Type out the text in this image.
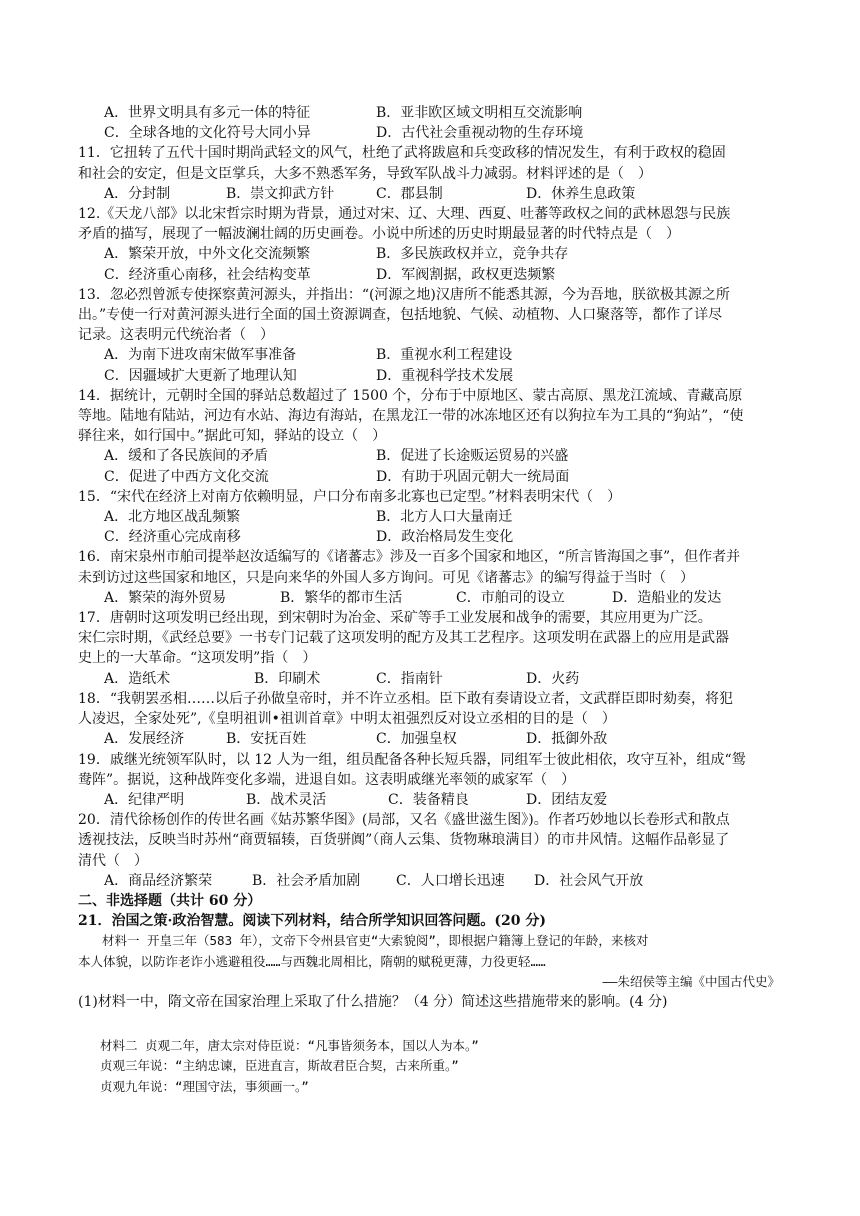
A．世界文明具有多元一体的特征	B．亚非欧区域文明相互交流影响
C．全球各地的文化符号大同小异	D．古代社会重视动物的生存环境
11．它扭转了五代十国时期尚武轻文的风气，杜绝了武将跋扈和兵变政移的情况发生，有利于政权的稳固
和社会的安定，但是文臣掌兵，大多不熟悉军务，导致军队战斗力减弱。材料评述的是（　）
A．分封制	B．崇文抑武方针	C．郡县制	D．休养生息政策
12.《天龙八部》以北宋哲宗时期为背景，通过对宋、辽、大理、西夏、吐蕃等政权之间的武林恩怨与民族
矛盾的描写，展现了一幅波澜壮阔的历史画卷。小说中所述的历史时期最显著的时代特点是（　）
A．繁荣开放，中外文化交流频繁	B．多民族政权并立，竞争共存
C．经济重心南移，社会结构变革	D．军阀割据，政权更迭频繁
13．忽必烈曾派专使探察黄河源头，并指出：“(河源之地)汉唐所不能悉其源，今为吾地，朕欲极其源之所
出。”专使一行对黄河源头进行全面的国土资源调查，包括地貌、气候、动植物、人口聚落等，都作了详尽
记录。这表明元代统治者（　）
A．为南下进攻南宋做军事准备	B．重视水利工程建设
C．因疆域扩大更新了地理认知	D．重视科学技术发展
14．据统计，元朝时全国的驿站总数超过了 1500 个，分布于中原地区、蒙古高原、黑龙江流域、青藏高原
等地。陆地有陆站，河边有水站、海边有海站，在黑龙江一带的冰冻地区还有以狗拉车为工具的“狗站”，“使
驿往来，如行国中。”据此可知，驿站的设立（　）
A．缓和了各民族间的矛盾	B．促进了长途贩运贸易的兴盛
C．促进了中西方文化交流	D．有助于巩固元朝大一统局面
15．“宋代在经济上对南方依赖明显，户口分布南多北寡也已定型。”材料表明宋代（　）
A．北方地区战乱频繁	B．北方人口大量南迁
C．经济重心完成南移	D．政治格局发生变化
16．南宋泉州市舶司提举赵汝适编写的《诸蕃志》涉及一百多个国家和地区，“所言皆海国之事”，但作者并
未到访过这些国家和地区，只是向来华的外国人多方询问。可见《诸蕃志》的编写得益于当时（　）
A．繁荣的海外贸易	B．繁华的都市生活	C．市舶司的设立	D．造船业的发达
17．唐朝时这项发明已经出现，到宋朝时为冶金、采矿等手工业发展和战争的需要，其应用更为广泛。
宋仁宗时期，《武经总要》一书专门记载了这项发明的配方及其工艺程序。这项发明在武器上的应用是武器
史上的一大革命。“这项发明”指（　）
A．造纸术	B．印刷术	C．指南针	D．火药
18．“我朝罢丞相……以后子孙做皇帝时，并不许立丞相。臣下敢有奏请设立者，文武群臣即时劾奏，将犯
人凌迟，全家处死”,《皇明祖训•祖训首章》中明太祖强烈反对设立丞相的目的是（　）
A．发展经济	B．安抚百姓	C．加强皇权	D．抵御外敌
19．戚继光统领军队时，以 12 人为一组，组员配备各种长短兵器，同组军士彼此相依，攻守互补，组成“鸳
鸯阵”。据说，这种战阵变化多端，进退自如。这表明戚继光率领的戚家军（　）
A．纪律严明	B．战术灵活	C．装备精良	D．团结友爱
20．清代徐杨创作的传世名画《姑苏繁华图》(局部，又名《盛世滋生图》)。作者巧妙地以长卷形式和散点
透视技法，反映当时苏州“商贾辐辏，百货骈阗”（商人云集、货物琳琅满目）的市井风情。这幅作品彰显了
清代（　）
A．商品经济繁荣	B．社会矛盾加剧	C．人口增长迅速	D．社会风气开放
二、非选择题（共计 60 分）
21．治国之策·政治智慧。阅读下列材料，结合所学知识回答问题。(20 分)
材料一 开皇三年（583 年），文帝下令州县官吏“大索貌阅”，即根据户籍簿上登记的年龄，来核对
本人体貌，以防诈老诈小逃避租役……与西魏北周相比，隋朝的赋税更薄，力役更轻……
——朱绍侯等主编《中国古代史》
(1)材料一中，隋文帝在国家治理上采取了什么措施？（4 分）简述这些措施带来的影响。(4 分)
材料二 贞观二年，唐太宗对侍臣说：“凡事皆须务本，国以人为本。”
贞观三年说：“主纳忠谏，臣进直言，斯故君臣合契，古来所重。”
贞观九年说：“理国守法，事须画一。”
